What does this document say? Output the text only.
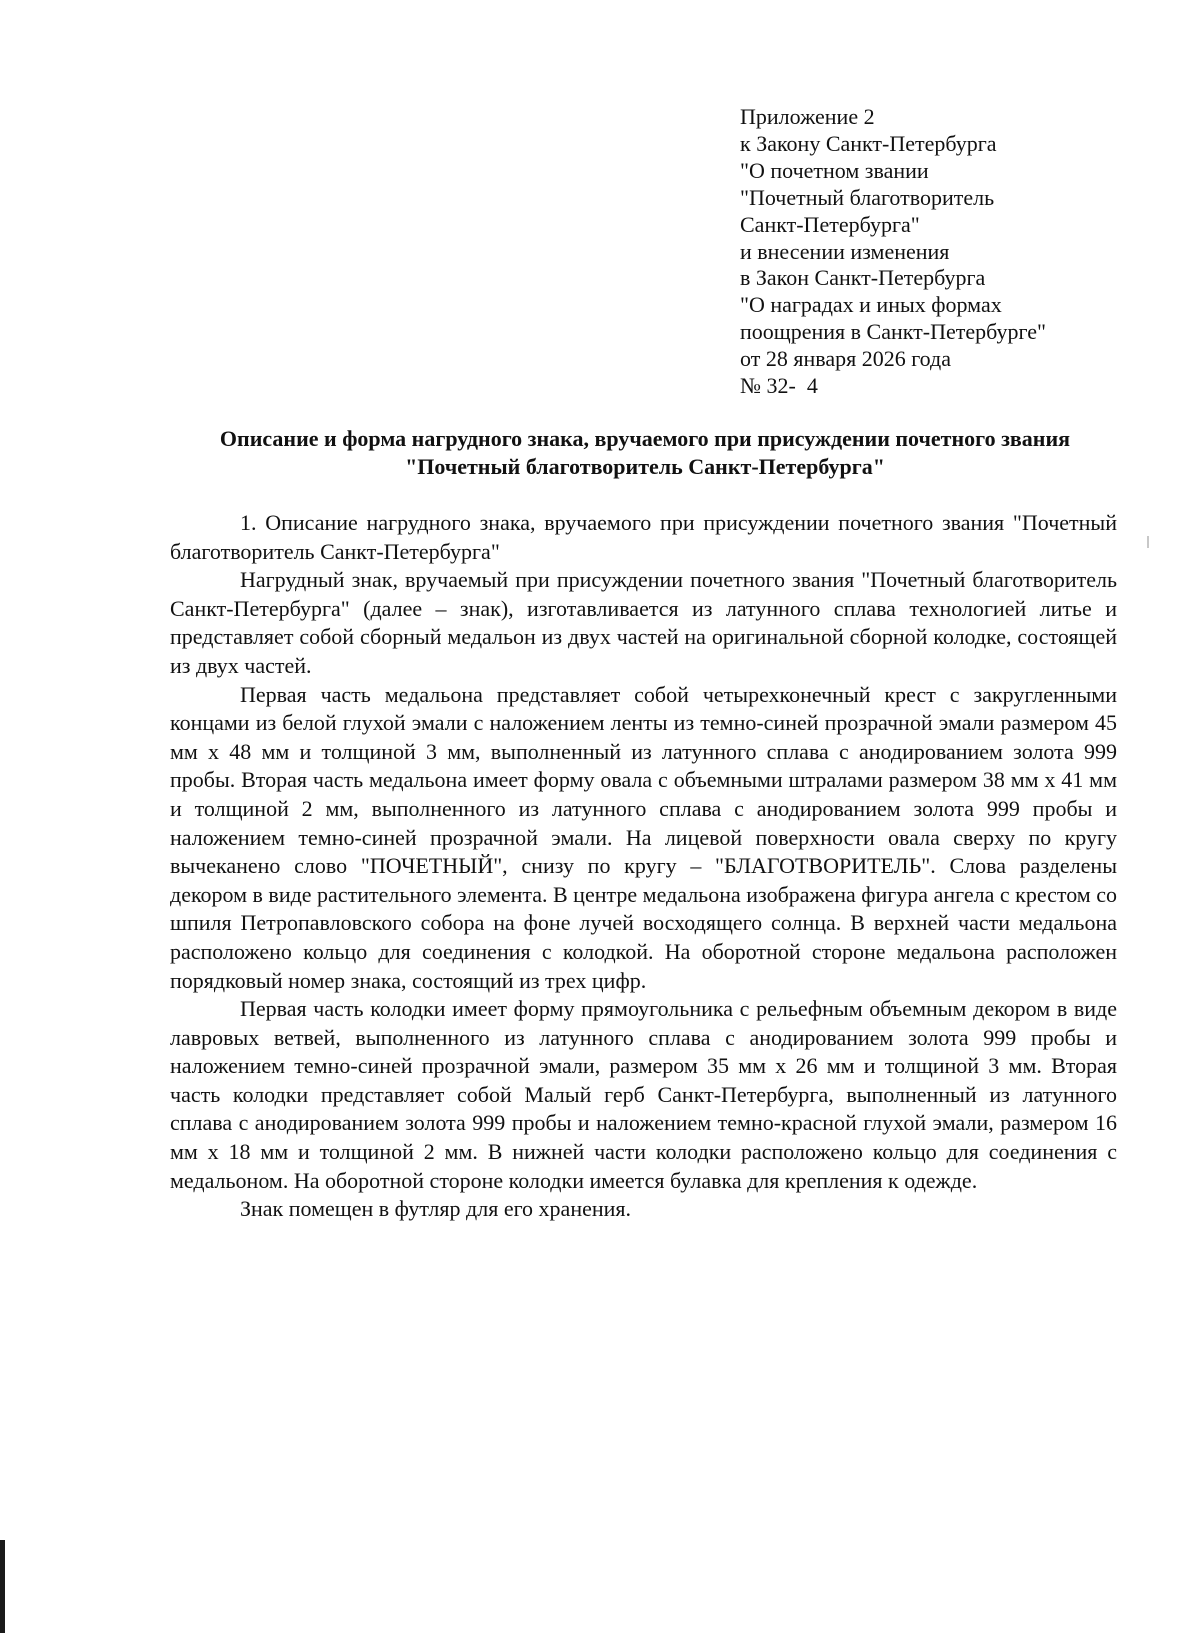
Приложение 2
к Закону Санкт-Петербурга
"О почетном звании
"Почетный благотворитель
Санкт-Петербурга"
и внесении изменения
в Закон Санкт-Петербурга
"О наградах и иных формах
поощрения в Санкт-Петербурге"
от 28 января 2026 года
№ 32-  4
Описание и форма нагрудного знака, вручаемого при присуждении почетного звания
"Почетный благотворитель Санкт-Петербурга"

1. Описание нагрудного знака, вручаемого при присуждении почетного звания "Почетный благотворитель Санкт-Петербурга"

Нагрудный знак, вручаемый при присуждении почетного звания "Почетный благотворитель Санкт-Петербурга" (далее – знак), изготавливается из латунного сплава технологией литье и представляет собой сборный медальон из двух частей на оригинальной сборной колодке, состоящей из двух частей.

Первая часть медальона представляет собой четырехконечный крест с закругленными концами из белой глухой эмали с наложением ленты из темно-синей прозрачной эмали размером 45 мм х 48 мм и толщиной 3 мм, выполненный из латунного сплава с анодированием золота 999 пробы. Вторая часть медальона имеет форму овала с объемными штралами размером 38 мм х 41 мм и толщиной 2 мм, выполненного из латунного сплава с анодированием золота 999 пробы и наложением темно-синей прозрачной эмали. На лицевой поверхности овала сверху по кругу вычеканено слово "ПОЧЕТНЫЙ", снизу по кругу – "БЛАГОТВОРИТЕЛЬ". Слова разделены декором в виде растительного элемента. В центре медальона изображена фигура ангела с крестом со шпиля Петропавловского собора на фоне лучей восходящего солнца. В верхней части медальона расположено кольцо для соединения с колодкой. На оборотной стороне медальона расположен порядковый номер знака, состоящий из трех цифр.

Первая часть колодки имеет форму прямоугольника с рельефным объемным декором в виде лавровых ветвей, выполненного из латунного сплава с анодированием золота 999 пробы и наложением темно-синей прозрачной эмали, размером 35 мм х 26 мм и толщиной 3 мм. Вторая часть колодки представляет собой Малый герб Санкт-Петербурга, выполненный из латунного сплава с анодированием золота 999 пробы и наложением темно-красной глухой эмали, размером 16 мм х 18 мм и толщиной 2 мм. В нижней части колодки расположено кольцо для соединения с медальоном. На оборотной стороне колодки имеется булавка для крепления к одежде.

Знак помещен в футляр для его хранения.
